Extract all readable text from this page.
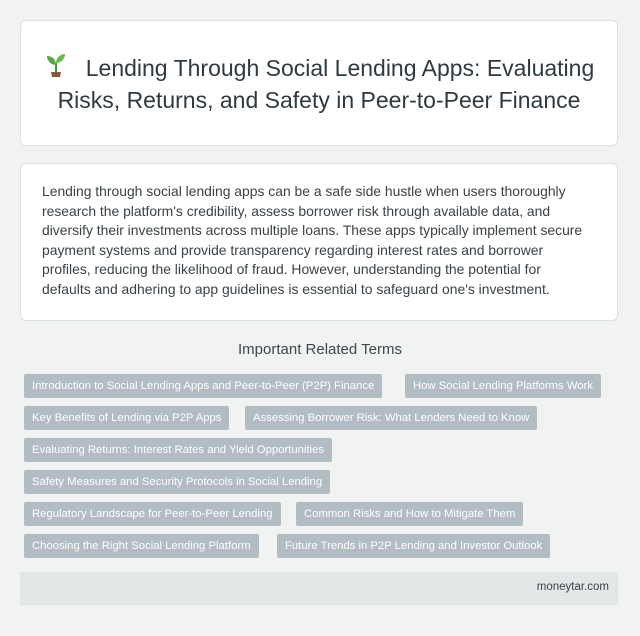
Lending Through Social Lending Apps: Evaluating Risks, Returns, and Safety in Peer-to-Peer Finance

Lending through social lending apps can be a safe side hustle when users thoroughly research the platform's credibility, assess borrower risk through available data, and diversify their investments across multiple loans. These apps typically implement secure payment systems and provide transparency regarding interest rates and borrower profiles, reducing the likelihood of fraud. However, understanding the potential for defaults and adhering to app guidelines is essential to safeguard one's investment.

Important Related Terms
Introduction to Social Lending Apps and Peer-to-Peer (P2P) Finance	How Social Lending Platforms Work
Key Benefits of Lending via P2P Apps	Assessing Borrower Risk: What Lenders Need to Know
Evaluating Returns: Interest Rates and Yield Opportunities
Safety Measures and Security Protocols in Social Lending
Regulatory Landscape for Peer-to-Peer Lending	Common Risks and How to Mitigate Them
Choosing the Right Social Lending Platform	Future Trends in P2P Lending and Investor Outlook
moneytar.com
